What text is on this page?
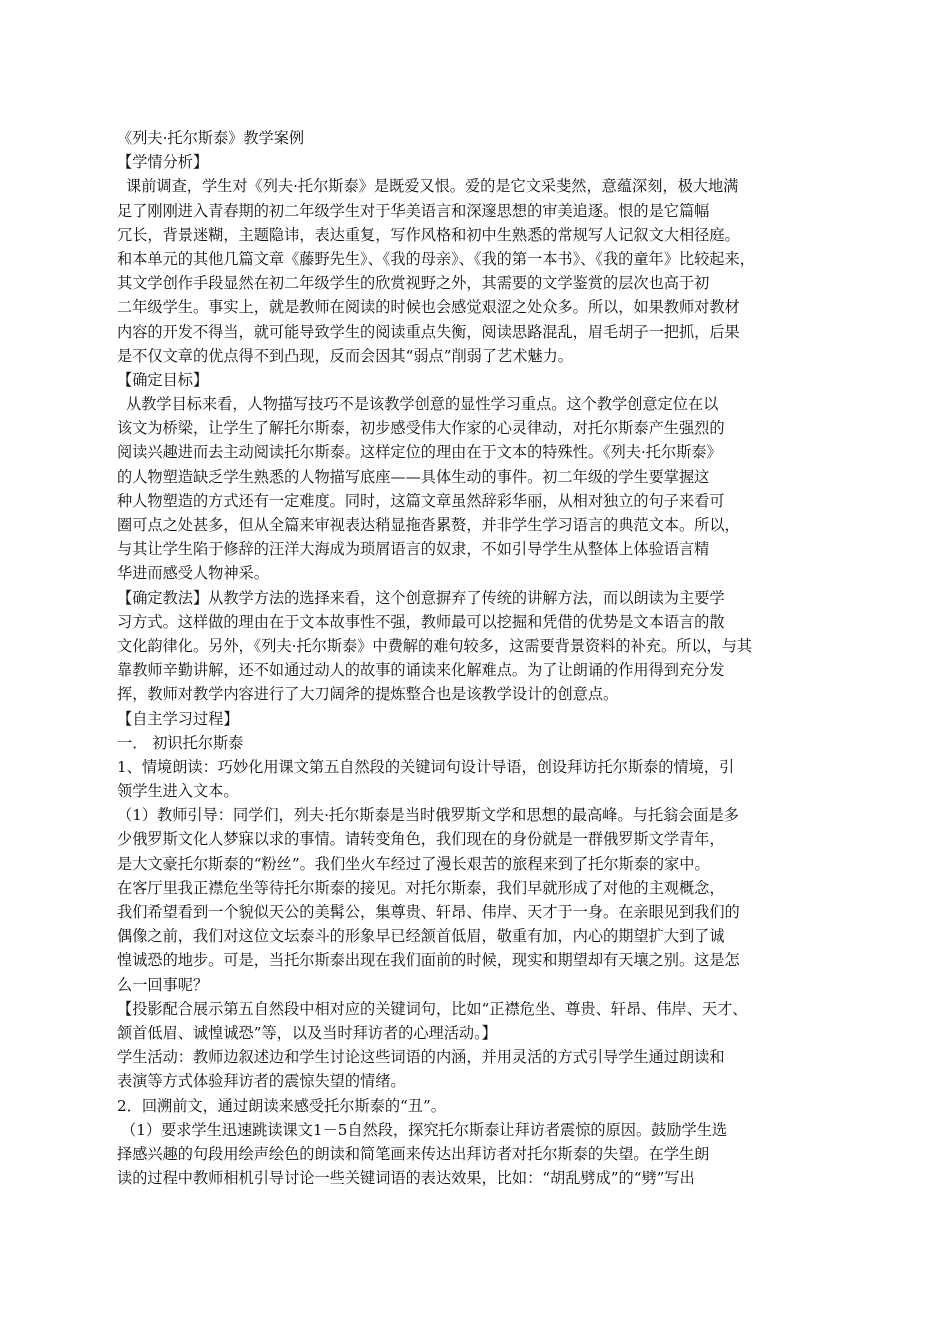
《列夫·托尔斯泰》教学案例
【学情分析】
课前调查，学生对《列夫·托尔斯泰》是既爱又恨。爱的是它文采斐然，意蕴深刻，极大地满
足了刚刚进入青春期的初二年级学生对于华美语言和深邃思想的审美追逐。恨的是它篇幅
冗长，背景迷糊，主题隐讳，表达重复，写作风格和初中生熟悉的常规写人记叙文大相径庭。
和本单元的其他几篇文章《藤野先生》、《我的母亲》、《我的第一本书》、《我的童年》比较起来，
其文学创作手段显然在初二年级学生的欣赏视野之外，其需要的文学鉴赏的层次也高于初
二年级学生。事实上，就是教师在阅读的时候也会感觉艰涩之处众多。所以，如果教师对教材
内容的开发不得当，就可能导致学生的阅读重点失衡，阅读思路混乱，眉毛胡子一把抓，后果
是不仅文章的优点得不到凸现，反而会因其“弱点”削弱了艺术魅力。
【确定目标】
从教学目标来看，人物描写技巧不是该教学创意的显性学习重点。这个教学创意定位在以
该文为桥梁，让学生了解托尔斯泰，初步感受伟大作家的心灵律动，对托尔斯泰产生强烈的
阅读兴趣进而去主动阅读托尔斯泰。这样定位的理由在于文本的特殊性。《列夫·托尔斯泰》
的人物塑造缺乏学生熟悉的人物描写底座——具体生动的事件。初二年级的学生要掌握这
种人物塑造的方式还有一定难度。同时，这篇文章虽然辞彩华丽，从相对独立的句子来看可
圈可点之处甚多，但从全篇来审视表达稍显拖沓累赘，并非学生学习语言的典范文本。所以，
与其让学生陷于修辞的汪洋大海成为琐屑语言的奴隶，不如引导学生从整体上体验语言精
华进而感受人物神采。
【确定教法】从教学方法的选择来看，这个创意摒弃了传统的讲解方法，而以朗读为主要学
习方式。这样做的理由在于文本故事性不强，教师最可以挖掘和凭借的优势是文本语言的散
文化韵律化。另外，《列夫·托尔斯泰》中费解的难句较多，这需要背景资料的补充。所以，与其
靠教师辛勤讲解，还不如通过动人的故事的诵读来化解难点。为了让朗诵的作用得到充分发
挥，教师对教学内容进行了大刀阔斧的提炼整合也是该教学设计的创意点。
【自主学习过程】
一． 初识托尔斯泰
1、情境朗读：巧妙化用课文第五自然段的关键词句设计导语，创设拜访托尔斯泰的情境，引
领学生进入文本。
（1）教师引导：同学们，列夫·托尔斯泰是当时俄罗斯文学和思想的最高峰。与托翁会面是多
少俄罗斯文化人梦寐以求的事情。请转变角色，我们现在的身份就是一群俄罗斯文学青年，
是大文豪托尔斯泰的“粉丝”。我们坐火车经过了漫长艰苦的旅程来到了托尔斯泰的家中。
在客厅里我正襟危坐等待托尔斯泰的接见。对托尔斯泰，我们早就形成了对他的主观概念，
我们希望看到一个貌似天公的美髯公，集尊贵、轩昂、伟岸、天才于一身。在亲眼见到我们的
偶像之前，我们对这位文坛泰斗的形象早已经颔首低眉，敬重有加，内心的期望扩大到了诚
惶诚恐的地步。可是，当托尔斯泰出现在我们面前的时候，现实和期望却有天壤之别。这是怎
么一回事呢？
【投影配合展示第五自然段中相对应的关键词句，比如“正襟危坐、尊贵、轩昂、伟岸、天才、
颔首低眉、诚惶诚恐”等，以及当时拜访者的心理活动。】
学生活动：教师边叙述边和学生讨论这些词语的内涵，并用灵活的方式引导学生通过朗读和
表演等方式体验拜访者的震惊失望的情绪。
2．回溯前文，通过朗读来感受托尔斯泰的“丑”。
（1）要求学生迅速跳读课文1－5自然段，探究托尔斯泰让拜访者震惊的原因。鼓励学生选
择感兴趣的句段用绘声绘色的朗读和简笔画来传达出拜访者对托尔斯泰的失望。在学生朗
读的过程中教师相机引导讨论一些关键词语的表达效果，比如：“胡乱劈成”的“劈”写出
